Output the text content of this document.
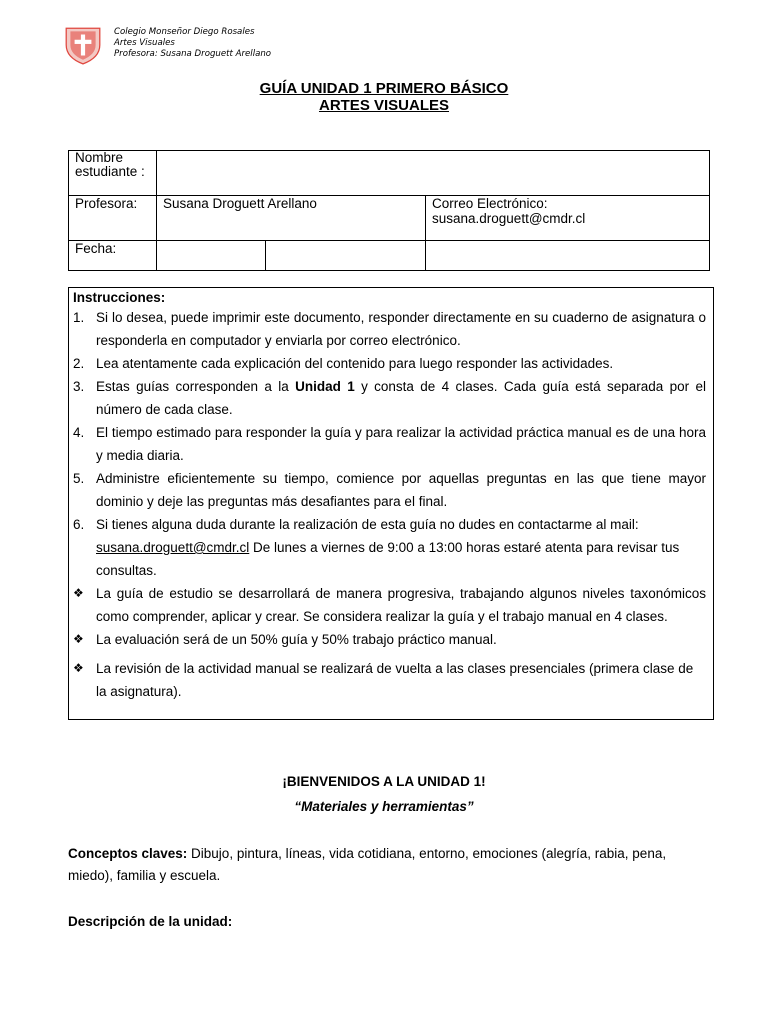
Colegio Monseñor Diego Rosales
Artes Visuales
Profesora: Susana Droguett Arellano
GUÍA UNIDAD 1 PRIMERO BÁSICO
ARTES VISUALES
Nombre estudiante :			
Profesora:	Susana Droguett Arellano		Correo Electrónico: susana.droguett@cmdr.cl
Fecha:			
Instrucciones:
1. Si lo desea, puede imprimir este documento, responder directamente en su cuaderno de asignatura o responderla en computador y enviarla por correo electrónico.
2. Lea atentamente cada explicación del contenido para luego responder las actividades.
3. Estas guías corresponden a la Unidad 1 y consta de 4 clases. Cada guía está separada por el número de cada clase.
4. El tiempo estimado para responder la guía y para realizar la actividad práctica manual es de una hora y media diaria.
5. Administre eficientemente su tiempo, comience por aquellas preguntas en las que tiene mayor dominio y deje las preguntas más desafiantes para el final.
6. Si tienes alguna duda durante la realización de esta guía no dudes en contactarme al mail: susana.droguett@cmdr.cl De lunes a viernes de 9:00 a 13:00 horas estaré atenta para revisar tus consultas.
❖ La guía de estudio se desarrollará de manera progresiva, trabajando algunos niveles taxonómicos como comprender, aplicar y crear. Se considera realizar la guía y el trabajo manual en 4 clases.
❖ La evaluación será de un 50% guía y 50% trabajo práctico manual.
❖ La revisión de la actividad manual se realizará de vuelta a las clases presenciales (primera clase de la asignatura).
¡BIENVENIDOS A LA UNIDAD 1!
“Materiales y herramientas”
Conceptos claves: Dibujo, pintura, líneas, vida cotidiana, entorno, emociones (alegría, rabia, pena, miedo), familia y escuela.
Descripción de la unidad:
